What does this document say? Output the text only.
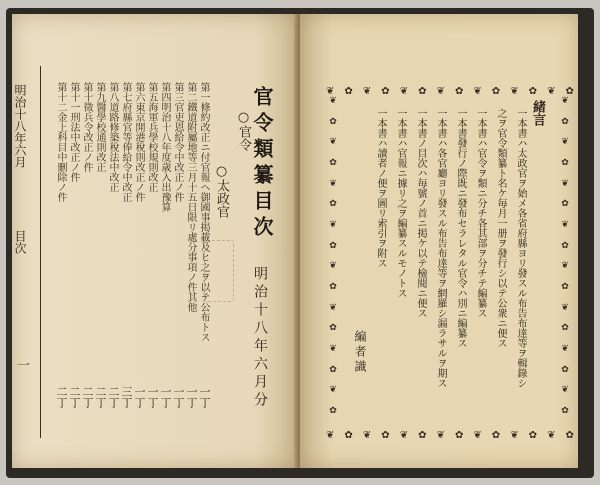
明治十八年六月
目次
一
第一條約改正ニ付官報ヘ御國事掲載及ヒ之ヲ以テ公布トス
第二鐵道附屬地等三月十五日限リ處分事項ノ件其他
第三官吏恩給令中改正ノ件
第四明治十八年度歳入出豫算
第五海軍兵學校規則改正
第六東京開港稅則改正ノ件
第七府縣官等俸給令中改正
第八道路修築稅法中改正
第九醫學校通則改正
第十徵兵令改正ノ件
第十一刑法中改正ノ件
第十二金上科目中刪除ノ件	官令類纂目次
○官令
○太政官
明治十八年六月分
一丁
一丁
一丁
一丁
一丁
一丁
三丁
二丁
二丁
二丁
二丁
二丁
❦ ✿ ❦ ✿ ❦ ✿ ❦ ✿ ❦ ✿ ❦ ✿ ❦ ✿
❦ ✿ ❦ ✿ ❦ ✿ ❦ ✿ ❦ ✿ ❦ ✿ ❦ ✿
❦
✿
❦
✿
❦
✿
❦
✿
❦
✿
❦
✿
❦
✿
❦
✿
❦
✿
❦
✿
❦
✿
❦
✿
❦
✿
❦
✿
❦
✿
❦
✿
緒言
一本書ハ太政官ヲ始メ各省府縣ヨリ發スル布告布達等ヲ輯錄シ
之ヲ官令類纂ト名ケ毎月一册ヲ發行シ以テ公衆ニ便ス
一本書ハ官令ヲ類ニ分チ各其部ヲ分チテ編纂ス
一本書發行ノ際既ニ發布セラレタル官令ハ別ニ編纂ス
一本書ハ各官廳ヨリ發スル布告布達等ヲ網羅シ漏ラサルヲ期ス
一本書ノ目次ハ毎號ノ首ニ掲ケ以テ檢閱ニ便ス
一本書ハ官報ニ據リ之ヲ編纂スルモノトス
一本書ハ讀者ノ便ヲ圖リ索引ヲ附ス
編者識
